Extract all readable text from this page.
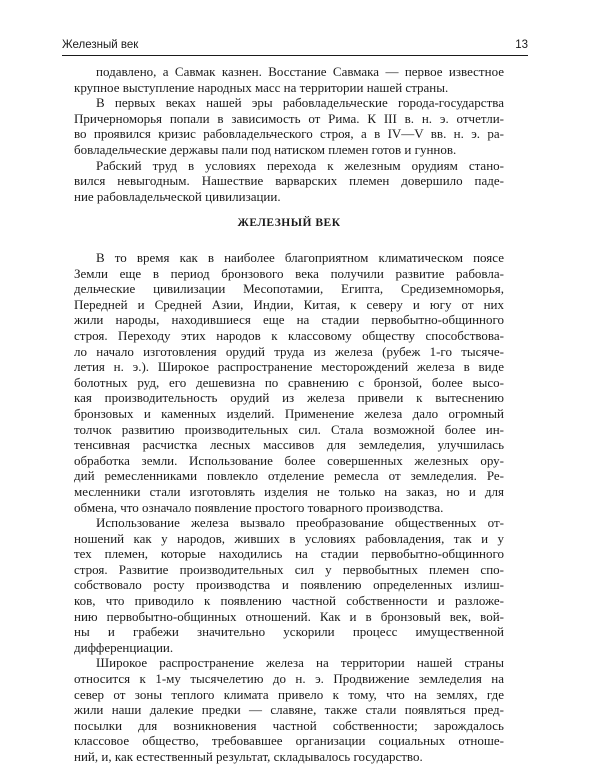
Железный век	13
подавлено, а Савмак казнен. Восстание Савмака — первое известное
крупное выступление народных масс на территории нашей страны.
В первых веках нашей эры рабовладельческие города-государства
Причерноморья попали в зависимость от Рима. К III в. н. э. отчетли-
во проявился кризис рабовладельческого строя, а в IV—V вв. н. э. ра-
бовладельческие державы пали под натиском племен готов и гуннов.
Рабский труд в условиях перехода к железным орудиям стано-
вился невыгодным. Нашествие варварских племен довершило паде-
ние рабовладельческой цивилизации.
ЖЕЛЕЗНЫЙ ВЕК
В то время как в наиболее благоприятном климатическом поясе
Земли еще в период бронзового века получили развитие рабовла-
дельческие цивилизации Месопотамии, Египта, Средиземноморья,
Передней и Средней Азии, Индии, Китая, к северу и югу от них
жили народы, находившиеся еще на стадии первобытно-общинного
строя. Переходу этих народов к классовому обществу способствова-
ло начало изготовления орудий труда из железа (рубеж 1-го тысяче-
летия н. э.). Широкое распространение месторождений железа в виде
болотных руд, его дешевизна по сравнению с бронзой, более высо-
кая производительность орудий из железа привели к вытеснению
бронзовых и каменных изделий. Применение железа дало огромный
толчок развитию производительных сил. Стала возможной более ин-
тенсивная расчистка лесных массивов для земледелия, улучшилась
обработка земли. Использование более совершенных железных ору-
дий ремесленниками повлекло отделение ремесла от земледелия. Ре-
месленники стали изготовлять изделия не только на заказ, но и для
обмена, что означало появление простого товарного производства.
Использование железа вызвало преобразование общественных от-
ношений как у народов, живших в условиях рабовладения, так и у
тех племен, которые находились на стадии первобытно-общинного
строя. Развитие производительных сил у первобытных племен спо-
собствовало росту производства и появлению определенных излиш-
ков, что приводило к появлению частной собственности и разложе-
нию первобытно-общинных отношений. Как и в бронзовый век, вой-
ны и грабежи значительно ускорили процесс имущественной
дифференциации.
Широкое распространение железа на территории нашей страны
относится к 1-му тысячелетию до н. э. Продвижение земледелия на
север от зоны теплого климата привело к тому, что на землях, где
жили наши далекие предки — славяне, также стали появляться пред-
посылки для возникновения частной собственности; зарождалось
классовое общество, требовавшее организации социальных отноше-
ний, и, как естественный результат, складывалось государство.
